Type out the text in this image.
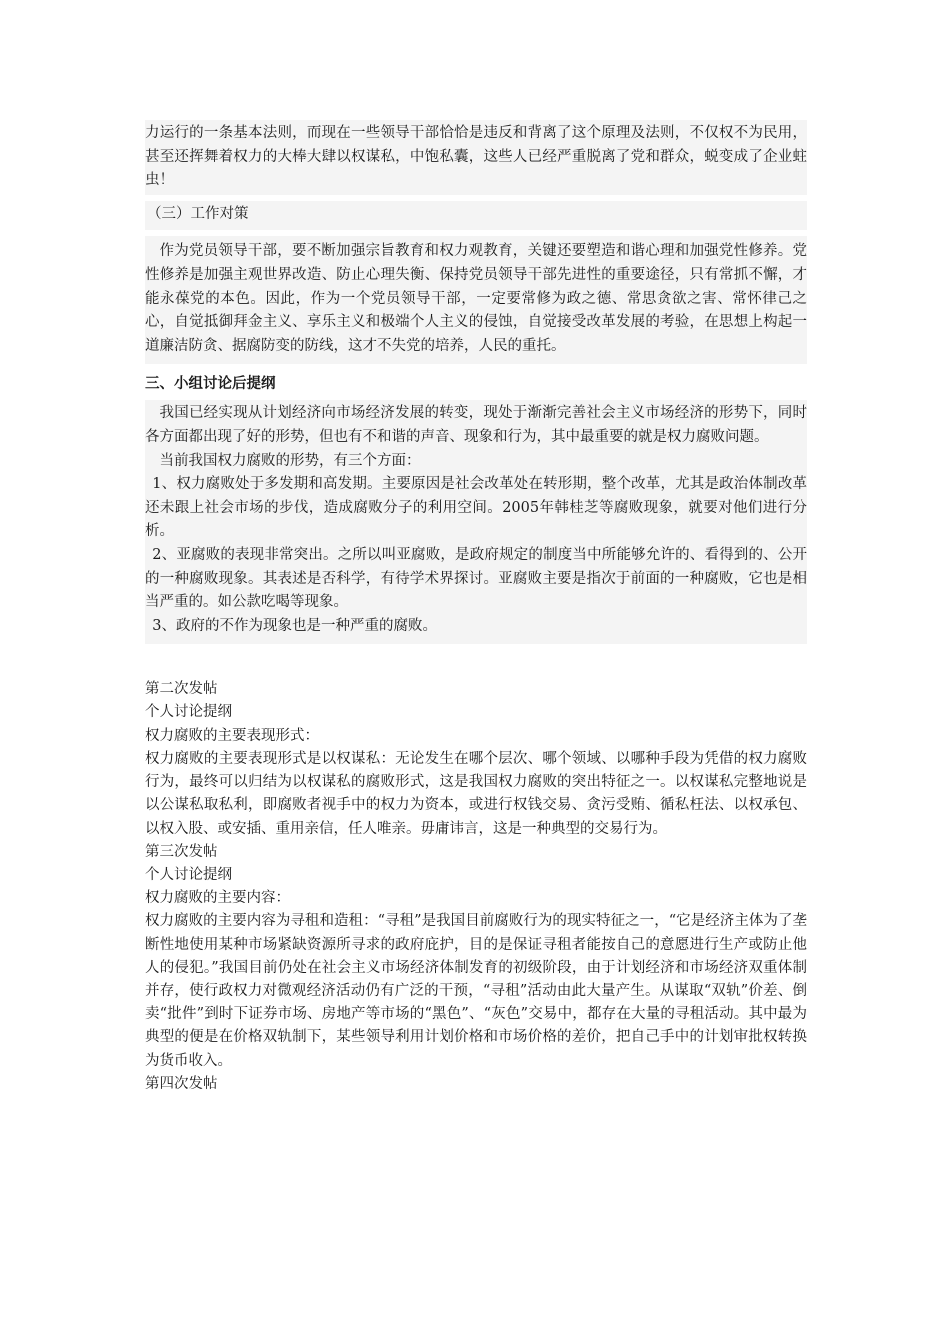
力运行的一条基本法则，而现在一些领导干部恰恰是违反和背离了这个原理及法则，不仅权不为民用，甚至还挥舞着权力的大棒大肆以权谋私，中饱私囊，这些人已经严重脱离了党和群众，蜕变成了企业蛀虫！

（三）工作对策

作为党员领导干部，要不断加强宗旨教育和权力观教育，关键还要塑造和谐心理和加强党性修养。党性修养是加强主观世界改造、防止心理失衡、保持党员领导干部先进性的重要途径，只有常抓不懈，才能永葆党的本色。因此，作为一个党员领导干部，一定要常修为政之德、常思贪欲之害、常怀律己之心，自觉抵御拜金主义、享乐主义和极端个人主义的侵蚀，自觉接受改革发展的考验，在思想上构起一道廉洁防贪、据腐防变的防线，这才不失党的培养，人民的重托。

三、小组讨论后提纲

我国已经实现从计划经济向市场经济发展的转变，现处于渐渐完善社会主义市场经济的形势下，同时各方面都出现了好的形势，但也有不和谐的声音、现象和行为，其中最重要的就是权力腐败问题。

当前我国权力腐败的形势，有三个方面：

1、权力腐败处于多发期和高发期。主要原因是社会改革处在转形期，整个改革，尤其是政治体制改革还未跟上社会市场的步伐，造成腐败分子的利用空间。2005年韩桂芝等腐败现象，就要对他们进行分析。

2、亚腐败的表现非常突出。之所以叫亚腐败，是政府规定的制度当中所能够允许的、看得到的、公开的一种腐败现象。其表述是否科学，有待学术界探讨。亚腐败主要是指次于前面的一种腐败，它也是相当严重的。如公款吃喝等现象。

3、政府的不作为现象也是一种严重的腐败。

第二次发帖

个人讨论提纲

权力腐败的主要表现形式：

权力腐败的主要表现形式是以权谋私：无论发生在哪个层次、哪个领域、以哪种手段为凭借的权力腐败行为，最终可以归结为以权谋私的腐败形式，这是我国权力腐败的突出特征之一。以权谋私完整地说是以公谋私取私利，即腐败者视手中的权力为资本，或进行权钱交易、贪污受贿、循私枉法、以权承包、以权入股、或安插、重用亲信，任人唯亲。毋庸讳言，这是一种典型的交易行为。

第三次发帖

个人讨论提纲

权力腐败的主要内容：

权力腐败的主要内容为寻租和造租：“寻租”是我国目前腐败行为的现实特征之一，“它是经济主体为了垄断性地使用某种市场紧缺资源所寻求的政府庇护，目的是保证寻租者能按自己的意愿进行生产或防止他人的侵犯。”我国目前仍处在社会主义市场经济体制发育的初级阶段，由于计划经济和市场经济双重体制并存，使行政权力对微观经济活动仍有广泛的干预，“寻租”活动由此大量产生。从谋取“双轨”价差、倒卖“批件”到时下证券市场、房地产等市场的“黑色”、“灰色”交易中，都存在大量的寻租活动。其中最为典型的便是在价格双轨制下，某些领导利用计划价格和市场价格的差价，把自己手中的计划审批权转换为货币收入。

第四次发帖
